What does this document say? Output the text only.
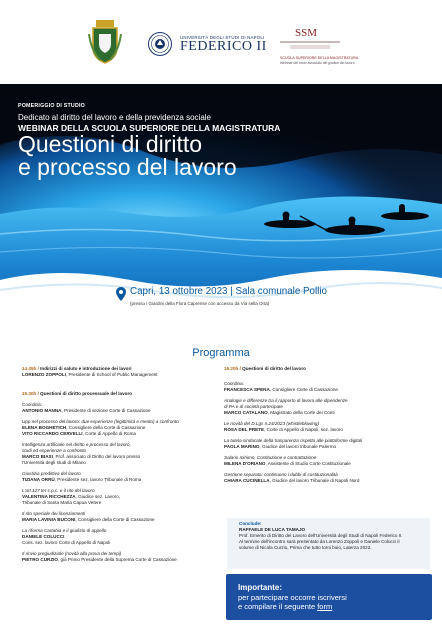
UNIVERSITÀ DEGLI STUDI DI NAPOLI
FEDERICO II
SSM
SCUOLA SUPERIORE DELLA MAGISTRATURA
Webinar del ruolo associato del giudice del lavoro
POMERIGGIO DI STUDIO
Dedicato al diritto del lavoro e della previdenza sociale
WEBINAR DELLA SCUOLA SUPERIORE DELLA MAGISTRATURA
Questioni di diritto
e processo del lavoro
Capri, 13 ottobre 2023 | Sala comunale Pollio
(presso i Giardini della Flora Caprense con accesso da Via sella Orta)
Programma
14.45h / Indirizzi di saluto e introduzione dei lavori
LORENZO ZOPPOLI, Presidente di School of Public Management
15.30h / Questioni di diritto processuale del lavoro
Coordina:
ANTONIO MANNA, Presidente di sezione Corte di Cassazione
Upp nel processo del lavoro: due esperienze (legittimità e merito) a confronto
ELENA BOGHETICH, Consigliere della Corte di Cassazione
VITO RICCARDO CERVELLI, Corte di Appello di Roma
Intelligenza artificiale nel diritto e processo del lavoro,
studi ed esperienze a confronto
MARCO BIASI, Prof. associato di Diritto del lavoro presso
l'Università degli studi di Milano
Giustizia predittiva del lavoro
TIZIANA ORRÙ, Presidente sez. lavoro Tribunale di Roma
L'art.127 ter c.p.c. e il rito del lavoro
VALENTINA RICCHEZZA, Giudice sez. Lavoro,
Tribunale di Santa Maria Capua Vetere
Il rito speciale dei licenziamenti
MARIA LAVINIA BUCONI, Consigliere della Corte di Cassazione
La riforma Cartabia e il giudizio di appello
DANIELE COLUCCI
Cons. sez. lavoro Corte di Appello di Napoli
Il rinvio pregiudiziale (novità alla prova dei tempi)
PIETRO CURZIO, già Primo Presidente della Suprema Corte di Cassazione
16.20h / Questioni di diritto del lavoro
Coordina:
FRANCESCA SPENA, Consigliere Corte di Cassazione
Analogie e differenze tra il rapporto di lavoro alle dipendenze
di PA e di società partecipate
MARCO CATALANO, Magistrato della Corte dei Conti
Le novità del D.Lgs n.24/2023 (whistleblowing)
ROSA DEL PRETE, Corte di Appello di Napoli, sez. lavoro
La tutela sindacale della trasparenza rispetto alle piattaforme digitali
PAOLA MARINO, Giudice del lavoro tribunale Palermo
Salario minimo, Costituzione e contrattazione
MILENA D'ORIANO, Assistente di Studio Corte Costituzionale
Gestione separata: continuono i dubbi di costituzionalità
CHIARA CUCINELLA, Giudice del lavoro Tribunale di Napoli Nord
Conclude:
RAFFAELE DE LUCA TAMAJO
Prof. Emerito di Diritto del Lavoro dell'Università degli Studi di Napoli Federico II.
Al termine dell'incontro sarà presentato da Lorenzo Zoppoli e Daniele Colucci il
volume di Nicola Curzio, Prima che tutto torni buio, Laterza 2022.
Importante:
per partecipare occorre iscriversi
e compilare il seguente form
